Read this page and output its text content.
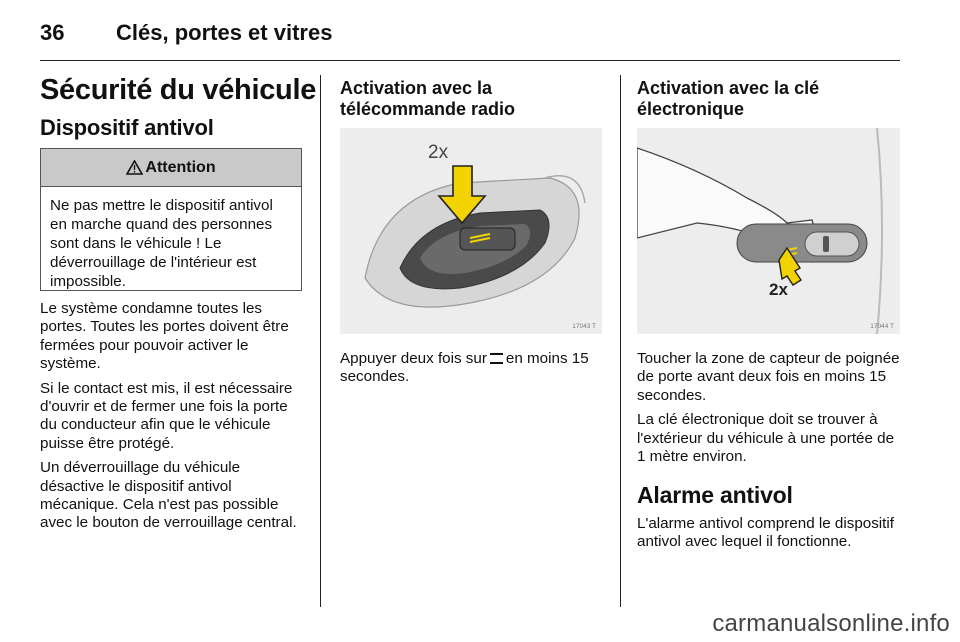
36 Clés, portes et vitres
Sécurité du véhicule
Dispositif antivol
Attention
Ne pas mettre le dispositif antivol en marche quand des personnes sont dans le véhicule ! Le déverrouillage de l'intérieur est impossible.

Le système condamne toutes les portes. Toutes les portes doivent être fermées pour pouvoir activer le système.

Si le contact est mis, il est nécessaire d'ouvrir et de fermer une fois la porte du conducteur afin que le véhicule puisse être protégé.

Un déverrouillage du véhicule désactive le dispositif antivol mécanique. Cela n'est pas possible avec le bouton de verrouillage central.

Activation avec la télécommande radio
2x
17043 T
Appuyer deux fois sur en moins 15 secondes.
Activation avec la clé électronique
2x
17044 T

Toucher la zone de capteur de poignée de porte avant deux fois en moins 15 secondes.

La clé électronique doit se trouver à l'extérieur du véhicule à une portée de 1 mètre environ.

Alarme antivol
L'alarme antivol comprend le dispositif antivol avec lequel il fonctionne.
carmanualsonline.info
